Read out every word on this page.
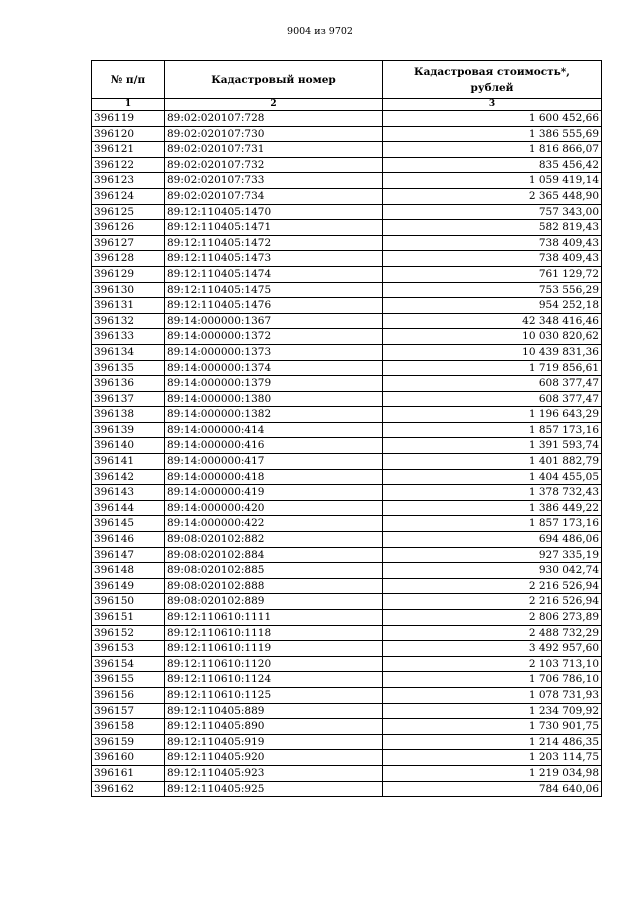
9004 из 9702
№ п/п	Кадастровый номер	Кадастровая стоимость*,
рублей
1	2	3
396119	89:02:020107:728	1 600 452,66
396120	89:02:020107:730	1 386 555,69
396121	89:02:020107:731	1 816 866,07
396122	89:02:020107:732	835 456,42
396123	89:02:020107:733	1 059 419,14
396124	89:02:020107:734	2 365 448,90
396125	89:12:110405:1470	757 343,00
396126	89:12:110405:1471	582 819,43
396127	89:12:110405:1472	738 409,43
396128	89:12:110405:1473	738 409,43
396129	89:12:110405:1474	761 129,72
396130	89:12:110405:1475	753 556,29
396131	89:12:110405:1476	954 252,18
396132	89:14:000000:1367	42 348 416,46
396133	89:14:000000:1372	10 030 820,62
396134	89:14:000000:1373	10 439 831,36
396135	89:14:000000:1374	1 719 856,61
396136	89:14:000000:1379	608 377,47
396137	89:14:000000:1380	608 377,47
396138	89:14:000000:1382	1 196 643,29
396139	89:14:000000:414	1 857 173,16
396140	89:14:000000:416	1 391 593,74
396141	89:14:000000:417	1 401 882,79
396142	89:14:000000:418	1 404 455,05
396143	89:14:000000:419	1 378 732,43
396144	89:14:000000:420	1 386 449,22
396145	89:14:000000:422	1 857 173,16
396146	89:08:020102:882	694 486,06
396147	89:08:020102:884	927 335,19
396148	89:08:020102:885	930 042,74
396149	89:08:020102:888	2 216 526,94
396150	89:08:020102:889	2 216 526,94
396151	89:12:110610:1111	2 806 273,89
396152	89:12:110610:1118	2 488 732,29
396153	89:12:110610:1119	3 492 957,60
396154	89:12:110610:1120	2 103 713,10
396155	89:12:110610:1124	1 706 786,10
396156	89:12:110610:1125	1 078 731,93
396157	89:12:110405:889	1 234 709,92
396158	89:12:110405:890	1 730 901,75
396159	89:12:110405:919	1 214 486,35
396160	89:12:110405:920	1 203 114,75
396161	89:12:110405:923	1 219 034,98
396162	89:12:110405:925	784 640,06
